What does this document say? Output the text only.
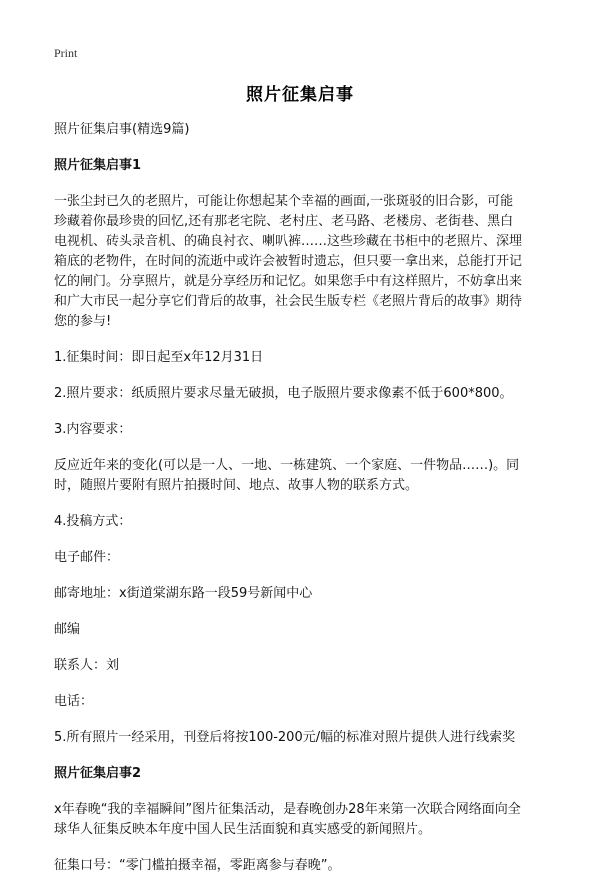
Print
照片征集启事

照片征集启事(精选9篇)

照片征集启事1

一张尘封已久的老照片，可能让你想起某个幸福的画面,一张斑驳的旧合影，可能

珍藏着你最珍贵的回忆,还有那老宅院、老村庄、老马路、老楼房、老街巷、黑白

电视机、砖头录音机、的确良衬衣、喇叭裤……这些珍藏在书柜中的老照片、深埋

箱底的老物件，在时间的流逝中或许会被暂时遗忘，但只要一拿出来，总能打开记

忆的闸门。分享照片，就是分享经历和记忆。如果您手中有这样照片，不妨拿出来

和广大市民一起分享它们背后的故事，社会民生版专栏《老照片背后的故事》期待

您的参与!

1.征集时间：即日起至x年12月31日

2.照片要求：纸质照片要求尽量无破损，电子版照片要求像素不低于600*800。

3.内容要求：

反应近年来的变化(可以是一人、一地、一栋建筑、一个家庭、一件物品……)。同

时，随照片要附有照片拍摄时间、地点、故事人物的联系方式。

4.投稿方式：

电子邮件：

邮寄地址：x街道棠湖东路一段59号新闻中心

邮编

联系人：刘

电话：

5.所有照片一经采用，刊登后将按100-200元/幅的标准对照片提供人进行线索奖

照片征集启事2

x年春晚“我的幸福瞬间”图片征集活动，是春晚创办28年来第一次联合网络面向全

球华人征集反映本年度中国人民生活面貌和真实感受的新闻照片。

征集口号：“零门槛拍摄幸福，零距离参与春晚”。
